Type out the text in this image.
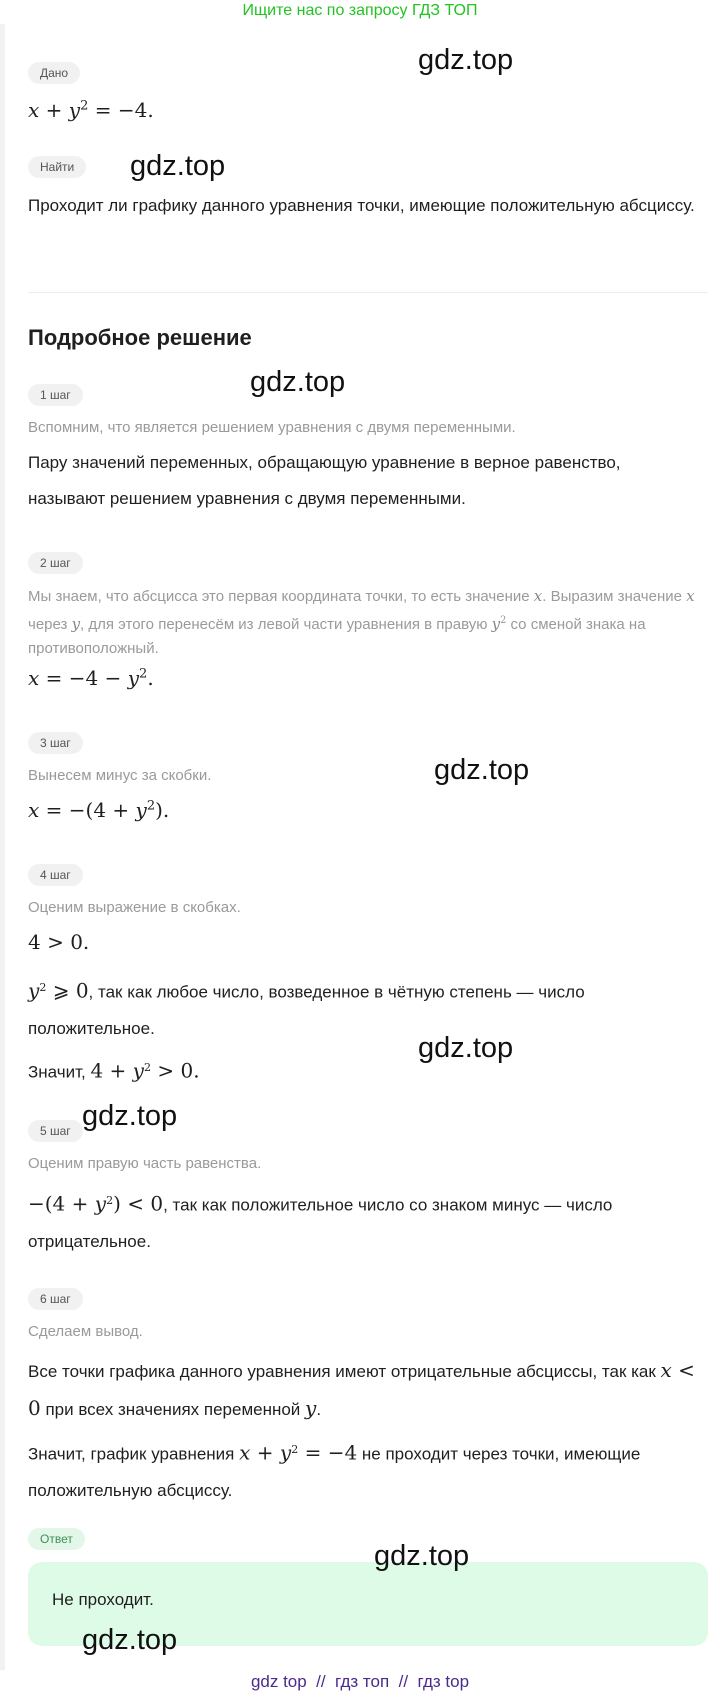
Ищите нас по запросу ГДЗ ТОП
Дано
$x + y^2 = -4$.
Найти
Проходит ли графику данного уравнения точки, имеющие положительную абсциссу.
Подробное решение
1 шаг
Вспомним, что является решением уравнения с двумя переменными.
Пару значений переменных, обращающую уравнение в верное равенство, называют решением уравнения с двумя переменными.
2 шаг
Мы знаем, что абсцисса это первая координата точки, то есть значение x. Выразим значение x через y, для этого перенесём из левой части уравнения в правую $y^2$ со сменой знака на противоположный.
$x = -4 - y^2$.
3 шаг
Вынесем минус за скобки.
$x = -(4 + y^2)$.
4 шаг
Оценим выражение в скобках.
4 > 0.
$y^2$ ⩾ 0, так как любое число, возведенное в чётную степень — число положительное.
Значит, $4 + y^2 > 0$.
5 шаг
Оценим правую часть равенства.
$-(4 + y^2) < 0$, так как положительное число со знаком минус — число отрицательное.
6 шаг
Сделаем вывод.
Все точки графика данного уравнения имеют отрицательные абсциссы, так как x < 0 при всех значениях переменной y.
Значит, график уравнения $x + y^2 = -4$ не проходит через точки, имеющие положительную абсциссу.
Ответ
Не проходит.
gdz.top
gdz.top
gdz.top
gdz.top
gdz.top
gdz.top
gdz.top
gdz.top
gdz top  //  гдз топ  //  гдз top
